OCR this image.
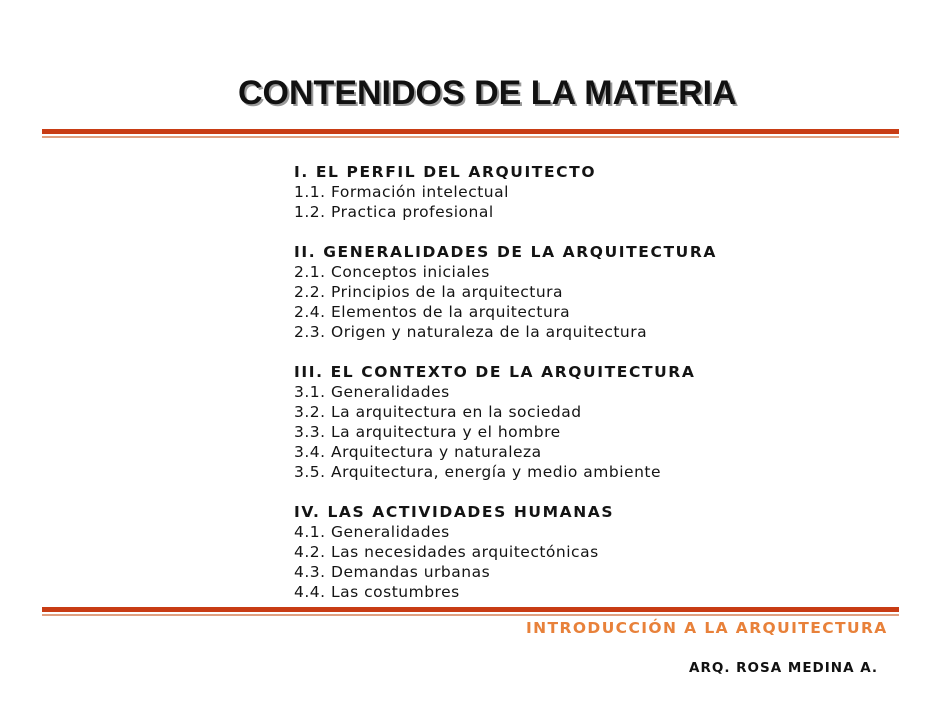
CONTENIDOS DE LA MATERIA
I. EL PERFIL DEL ARQUITECTO
1.1. Formación intelectual
1.2. Practica profesional
II. GENERALIDADES DE LA ARQUITECTURA
2.1. Conceptos iniciales
2.2. Principios de la arquitectura
2.4. Elementos de la arquitectura
2.3. Origen y naturaleza de la arquitectura
III. EL CONTEXTO DE LA ARQUITECTURA
3.1. Generalidades
3.2. La arquitectura en la sociedad
3.3. La arquitectura y el hombre
3.4. Arquitectura y naturaleza
3.5. Arquitectura, energía y medio ambiente
IV. LAS ACTIVIDADES HUMANAS
4.1. Generalidades
4.2. Las necesidades arquitectónicas
4.3. Demandas urbanas
4.4. Las costumbres
INTRODUCCIÓN A LA ARQUITECTURA
ARQ. ROSA MEDINA A.
